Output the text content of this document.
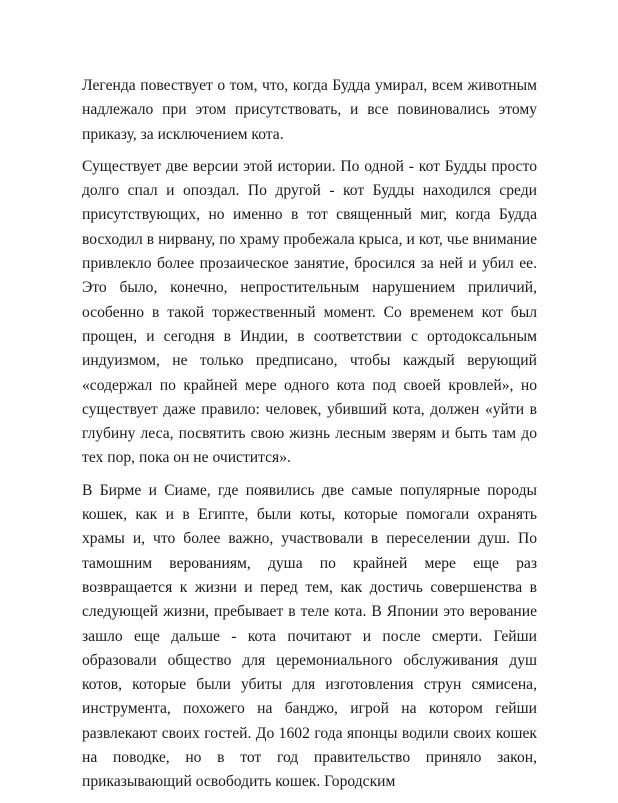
Легенда повествует о том, что, когда Будда умирал, всем животным надлежало при этом присутствовать, и все повиновались этому приказу, за исключением кота.

Существует две версии этой истории. По одной - кот Будды просто долго спал и опоздал. По другой - кот Будды находился среди присутствующих, но именно в тот священный миг, когда Будда восходил в нирвану, по храму пробежала крыса, и кот, чье внимание привлекло более прозаическое занятие, бросился за ней и убил ее. Это было, конечно, непростительным нарушением приличий, особенно в такой торжественный момент. Со временем кот был прощен, и сегодня в Индии, в соответствии с ортодоксальным индуизмом, не только предписано, чтобы каждый верующий «содержал по крайней мере одного кота под своей кровлей», но существует даже правило: человек, убивший кота, должен «уйти в глубину леса, посвятить свою жизнь лесным зверям и быть там до тех пор, пока он не очистится».

В Бирме и Сиаме, где появились две самые популярные породы кошек, как и в Египте, были коты, которые помогали охранять храмы и, что более важно, участвовали в переселении душ. По тамошним верованиям, душа по крайней мере еще раз возвращается к жизни и перед тем, как достичь совершенства в следующей жизни, пребывает в теле кота. В Японии это верование зашло еще дальше - кота почитают и после смерти. Гейши образовали общество для церемониального обслуживания душ котов, которые были убиты для изготовления струн сямисена, инструмента, похожего на банджо, игрой на котором гейши развлекают своих гостей. До 1602 года японцы водили своих кошек на поводке, но в тот год правительство приняло закон, приказывающий освободить кошек. Городским
